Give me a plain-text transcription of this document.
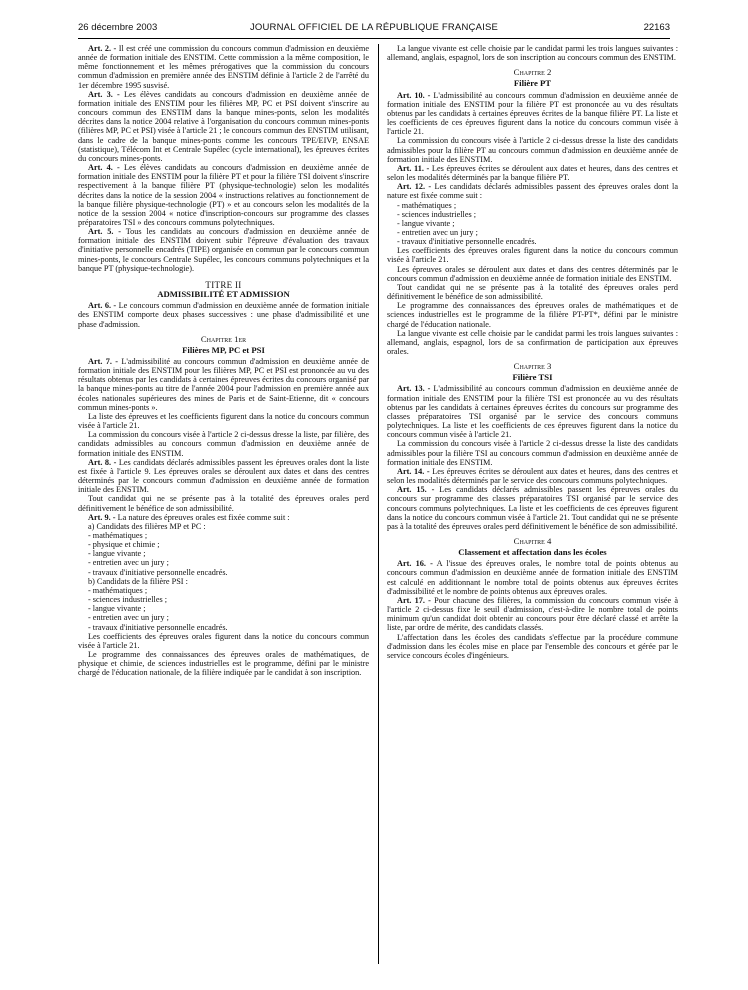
26 décembre 2003	JOURNAL OFFICIEL DE LA RÉPUBLIQUE FRANÇAISE	22163

Art. 2. - Il est créé une commission du concours commun d'admission en deuxième année de formation initiale des ENSTIM. Cette commission a la même composition, le même fonctionnement et les mêmes prérogatives que la commission du concours commun d'admission en première année des ENSTIM définie à l'article 2 de l'arrêté du 1er décembre 1995 susvisé.

Art. 3. - Les élèves candidats au concours d'admission en deuxième année de formation initiale des ENSTIM pour les filières MP, PC et PSI doivent s'inscrire au concours commun des ENSTIM dans la banque mines-ponts, selon les modalités décrites dans la notice 2004 relative à l'organisation du concours commun mines-ponts (filières MP, PC et PSI) visée à l'article 21 ; le concours commun des ENSTIM utilisant, dans le cadre de la banque mines-ponts comme les concours TPE/EIVP, ENSAE (statistique), Télécom Int et Centrale Supélec (cycle international), les épreuves écrites du concours mines-ponts.

Art. 4. - Les élèves candidats au concours d'admission en deuxième année de formation initiale des ENSTIM pour la filière PT et pour la filière TSI doivent s'inscrire respectivement à la banque filière PT (physique-technologie) selon les modalités décrites dans la notice de la session 2004 « instructions relatives au fonctionnement de la banque filière physique-technologie (PT) » et au concours selon les modalités de la notice de la session 2004 « notice d'inscription-concours sur programme des classes préparatoires TSI » des concours communs polytechniques.

Art. 5. - Tous les candidats au concours d'admission en deuxième année de formation initiale des ENSTIM doivent subir l'épreuve d'évaluation des travaux d'initiative personnelle encadrés (TIPE) organisée en commun par le concours commun mines-ponts, le concours Centrale Supélec, les concours communs polytechniques et la banque PT (physique-technologie).

TITRE II
ADMISSIBILITÉ ET ADMISSION

Art. 6. - Le concours commun d'admission en deuxième année de formation initiale des ENSTIM comporte deux phases successives : une phase d'admissibilité et une phase d'admission.

Chapitre 1er
Filières MP, PC et PSI

Art. 7. - L'admissibilité au concours commun d'admission en deuxième année de formation initiale des ENSTIM pour les filières MP, PC et PSI est prononcée au vu des résultats obtenus par les candidats à certaines épreuves écrites du concours organisé par la banque mines-ponts au titre de l'année 2004 pour l'admission en première année aux écoles nationales supérieures des mines de Paris et de Saint-Etienne, dit « concours commun mines-ponts ».

La liste des épreuves et les coefficients figurent dans la notice du concours commun visée à l'article 21.

La commission du concours visée à l'article 2 ci-dessus dresse la liste, par filière, des candidats admissibles au concours commun d'admission en deuxième année de formation initiale des ENSTIM.

Art. 8. - Les candidats déclarés admissibles passent les épreuves orales dont la liste est fixée à l'article 9. Les épreuves orales se déroulent aux dates et dans des centres déterminés par le concours commun d'admission en deuxième année de formation initiale des ENSTIM.

Tout candidat qui ne se présente pas à la totalité des épreuves orales perd définitivement le bénéfice de son admissibilité.

Art. 9. - La nature des épreuves orales est fixée comme suit :

a) Candidats des filières MP et PC :

- mathématiques ;
- physique et chimie ;
- langue vivante ;
- entretien avec un jury ;
- travaux d'initiative personnelle encadrés.

b) Candidats de la filière PSI :

- mathématiques ;
- sciences industrielles ;
- langue vivante ;
- entretien avec un jury ;
- travaux d'initiative personnelle encadrés.

Les coefficients des épreuves orales figurent dans la notice du concours commun visée à l'article 21.

Le programme des connaissances des épreuves orales de mathématiques, de physique et chimie, de sciences industrielles est le programme, défini par le ministre chargé de l'éducation nationale, de la filière indiquée par le candidat à son inscription.

La langue vivante est celle choisie par le candidat parmi les trois langues suivantes : allemand, anglais, espagnol, lors de son inscription au concours commun des ENSTIM.

Chapitre 2
Filière PT

Art. 10. - L'admissibilité au concours commun d'admission en deuxième année de formation initiale des ENSTIM pour la filière PT est prononcée au vu des résultats obtenus par les candidats à certaines épreuves écrites de la banque filière PT. La liste et les coefficients de ces épreuves figurent dans la notice du concours commun visée à l'article 21.

La commission du concours visée à l'article 2 ci-dessus dresse la liste des candidats admissibles pour la filière PT au concours commun d'admission en deuxième année de formation initiale des ENSTIM.

Art. 11. - Les épreuves écrites se déroulent aux dates et heures, dans des centres et selon les modalités déterminés par la banque filière PT.

Art. 12. - Les candidats déclarés admissibles passent des épreuves orales dont la nature est fixée comme suit :

- mathématiques ;
- sciences industrielles ;
- langue vivante ;
- entretien avec un jury ;
- travaux d'initiative personnelle encadrés.

Les coefficients des épreuves orales figurent dans la notice du concours commun visée à l'article 21.

Les épreuves orales se déroulent aux dates et dans des centres déterminés par le concours commun d'admission en deuxième année de formation initiale des ENSTIM.

Tout candidat qui ne se présente pas à la totalité des épreuves orales perd définitivement le bénéfice de son admissibilité.

Le programme des connaissances des épreuves orales de mathématiques et de sciences industrielles est le programme de la filière PT-PT*, défini par le ministre chargé de l'éducation nationale.

La langue vivante est celle choisie par le candidat parmi les trois langues suivantes : allemand, anglais, espagnol, lors de sa confirmation de participation aux épreuves orales.

Chapitre 3
Filière TSI

Art. 13. - L'admissibilité au concours commun d'admission en deuxième année de formation initiale des ENSTIM pour la filière TSI est prononcée au vu des résultats obtenus par les candidats à certaines épreuves écrites du concours sur programme des classes préparatoires TSI organisé par le service des concours communs polytechniques. La liste et les coefficients de ces épreuves figurent dans la notice du concours commun visée à l'article 21.

La commission du concours visée à l'article 2 ci-dessus dresse la liste des candidats admissibles pour la filière TSI au concours commun d'admission en deuxième année de formation initiale des ENSTIM.

Art. 14. - Les épreuves écrites se déroulent aux dates et heures, dans des centres et selon les modalités déterminés par le service des concours communs polytechniques.

Art. 15. - Les candidats déclarés admissibles passent les épreuves orales du concours sur programme des classes préparatoires TSI organisé par le service des concours communs polytechniques. La liste et les coefficients de ces épreuves figurent dans la notice du concours commun visée à l'article 21. Tout candidat qui ne se présente pas à la totalité des épreuves orales perd définitivement le bénéfice de son admissibilité.

Chapitre 4
Classement et affectation dans les écoles

Art. 16. - A l'issue des épreuves orales, le nombre total de points obtenus au concours commun d'admission en deuxième année de formation initiale des ENSTIM est calculé en additionnant le nombre total de points obtenus aux épreuves écrites d'admissibilité et le nombre de points obtenus aux épreuves orales.

Art. 17. - Pour chacune des filières, la commission du concours commun visée à l'article 2 ci-dessus fixe le seuil d'admission, c'est-à-dire le nombre total de points minimum qu'un candidat doit obtenir au concours pour être déclaré classé et arrête la liste, par ordre de mérite, des candidats classés.

L'affectation dans les écoles des candidats s'effectue par la procédure commune d'admission dans les écoles mise en place par l'ensemble des concours et gérée par le service concours écoles d'ingénieurs.
